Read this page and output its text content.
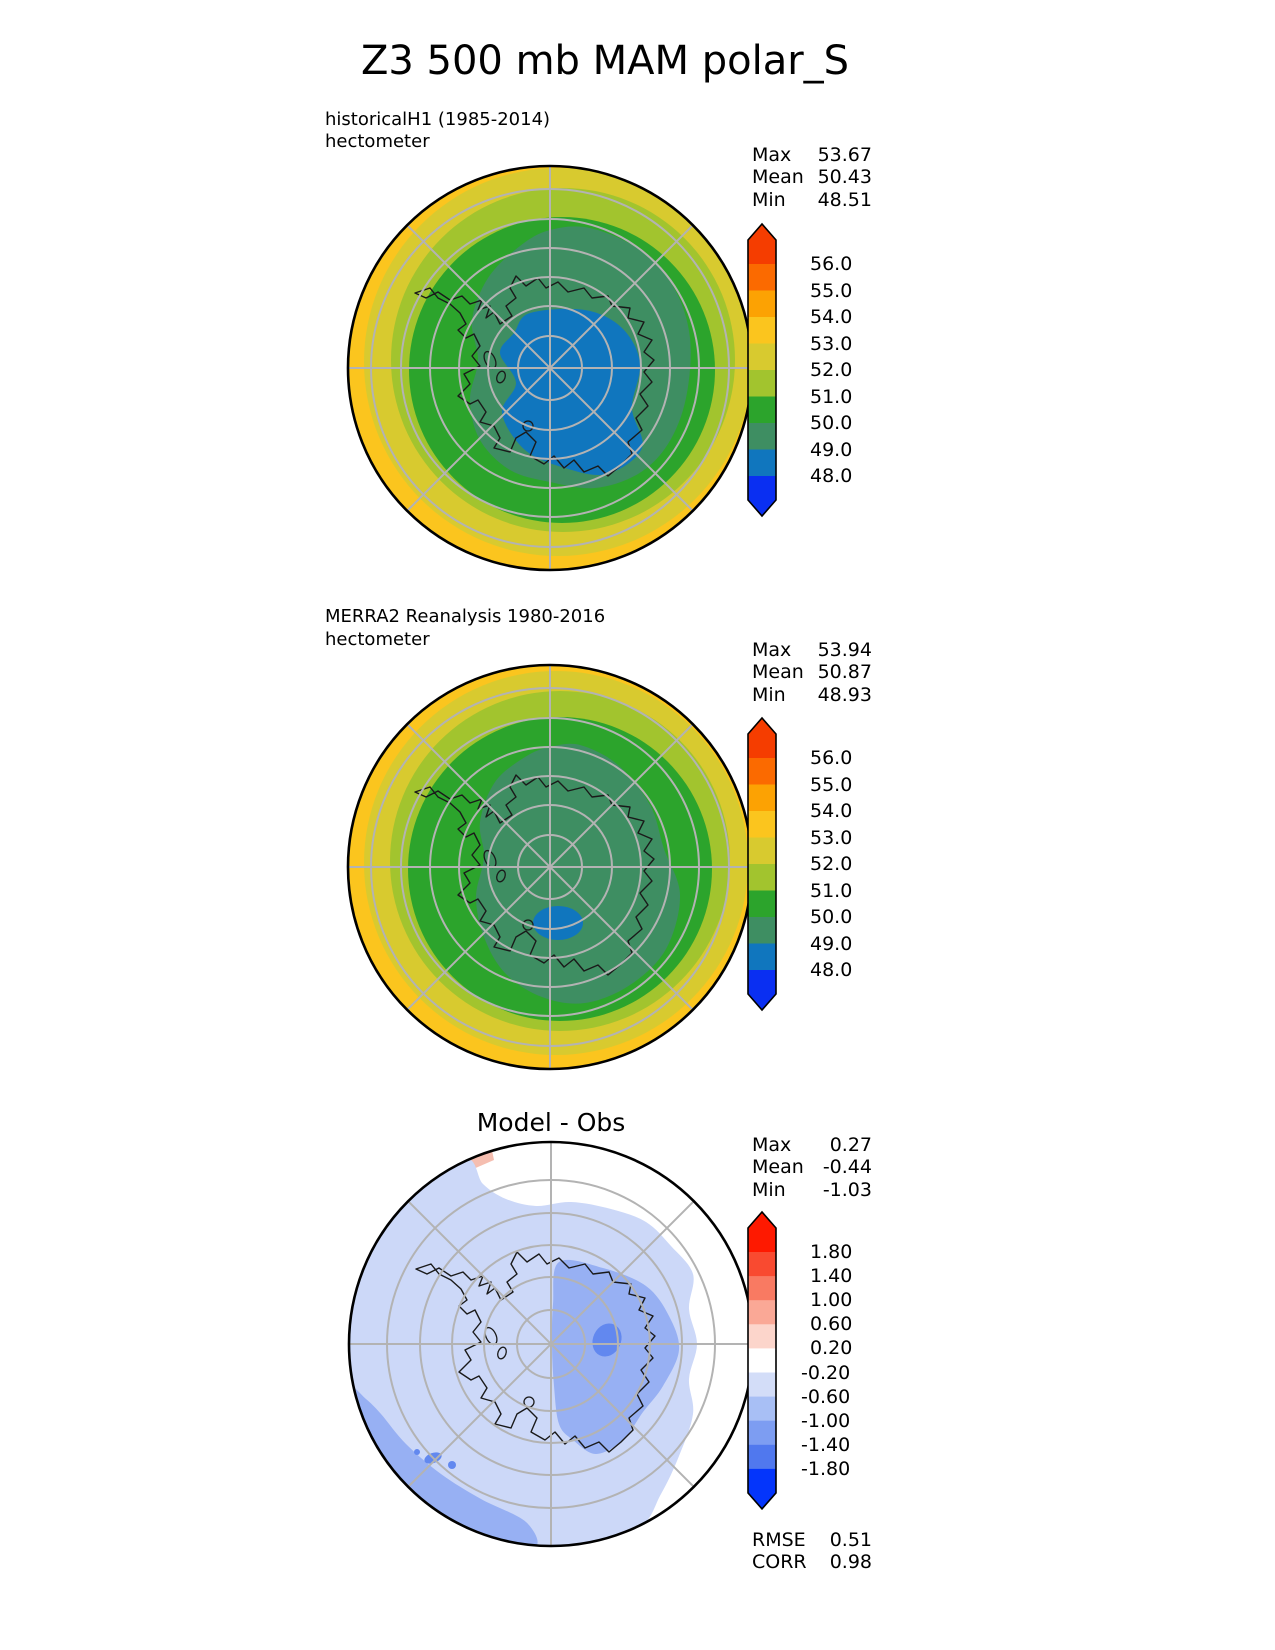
Z3 500 mb MAM polar_S
historicalH1 (1985-2014)
hectometer
MERRA2 Reanalysis 1980-2016
hectometer
Model - Obs
Max	53.67
Mean 50.43
Min	48.51
Max	53.94
Mean 50.87
Min	48.93
Max	0.27
Mean	-0.44
Min	-1.03
RMSE	0.51
CORR	0.98
56.0
55.0
54.0
53.0
52.0
51.0
50.0
49.0
48.0
56.0
55.0
54.0
53.0
52.0
51.0
50.0
49.0
48.0
1.80
1.40
1.00
0.60
0.20
-0.20
-0.60
-1.00
-1.40
-1.80
